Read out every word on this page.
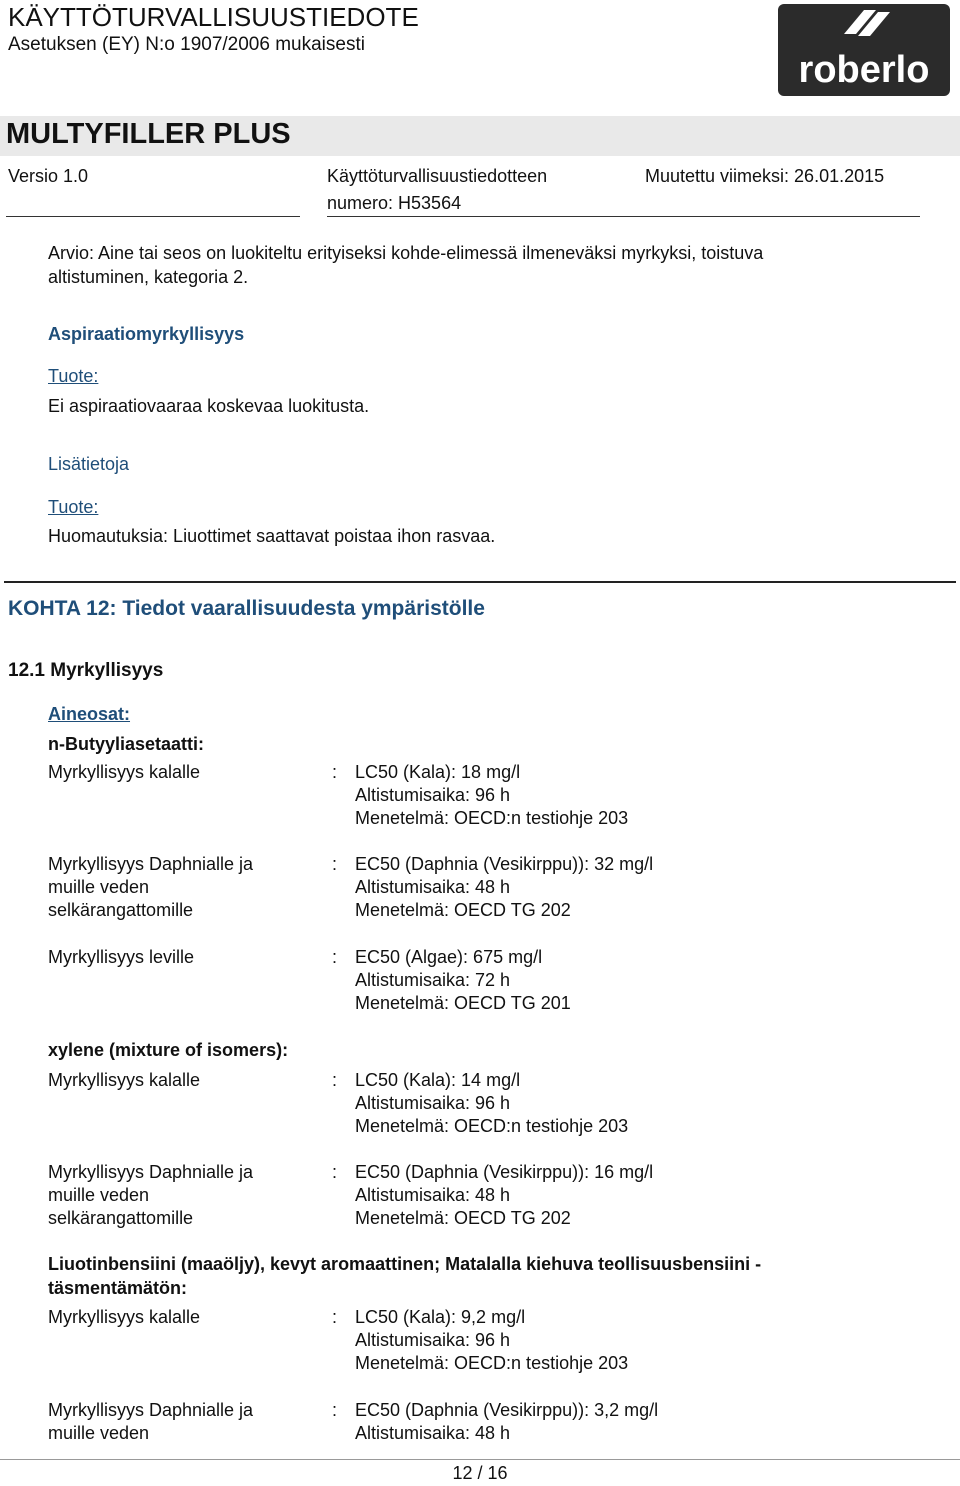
KÄYTTÖTURVALLISUUSTIEDOTE
Asetuksen (EY) N:o 1907/2006 mukaisesti
roberlo
MULTYFILLER PLUS
Versio 1.0	Käyttöturvallisuustiedotteen
numero: H53564
Muutettu viimeksi: 26.01.2015
Arvio: Aine tai seos on luokiteltu erityiseksi kohde-elimessä ilmeneväksi myrkyksi, toistuva
altistuminen, kategoria 2.
Aspiraatiomyrkyllisyys
Tuote:
Ei aspiraatiovaaraa koskevaa luokitusta.
Lisätietoja
Tuote:
Huomautuksia: Liuottimet saattavat poistaa ihon rasvaa.
KOHTA 12: Tiedot vaarallisuudesta ympäristölle
12.1 Myrkyllisyys
Aineosat:
n-Butyyliasetaatti:
Myrkyllisyys kalalle	: LC50 (Kala): 18 mg/l
Altistumisaika: 96 h
Menetelmä: OECD:n testiohje 203
Myrkyllisyys Daphnialle ja
muille veden
selkärangattomille
: EC50 (Daphnia (Vesikirppu)): 32 mg/l
Altistumisaika: 48 h
Menetelmä: OECD TG 202
Myrkyllisyys leville	: EC50 (Algae): 675 mg/l
Altistumisaika: 72 h
Menetelmä: OECD TG 201
xylene (mixture of isomers):
Myrkyllisyys kalalle	: LC50 (Kala): 14 mg/l
Altistumisaika: 96 h
Menetelmä: OECD:n testiohje 203
Myrkyllisyys Daphnialle ja
muille veden
selkärangattomille
: EC50 (Daphnia (Vesikirppu)): 16 mg/l
Altistumisaika: 48 h
Menetelmä: OECD TG 202
Liuotinbensiini (maaöljy), kevyt aromaattinen; Matalalla kiehuva teollisuusbensiini -
täsmentämätön:
Myrkyllisyys kalalle	: LC50 (Kala): 9,2 mg/l
Altistumisaika: 96 h
Menetelmä: OECD:n testiohje 203
Myrkyllisyys Daphnialle ja
muille veden
: EC50 (Daphnia (Vesikirppu)): 3,2 mg/l
Altistumisaika: 48 h
12 / 16
